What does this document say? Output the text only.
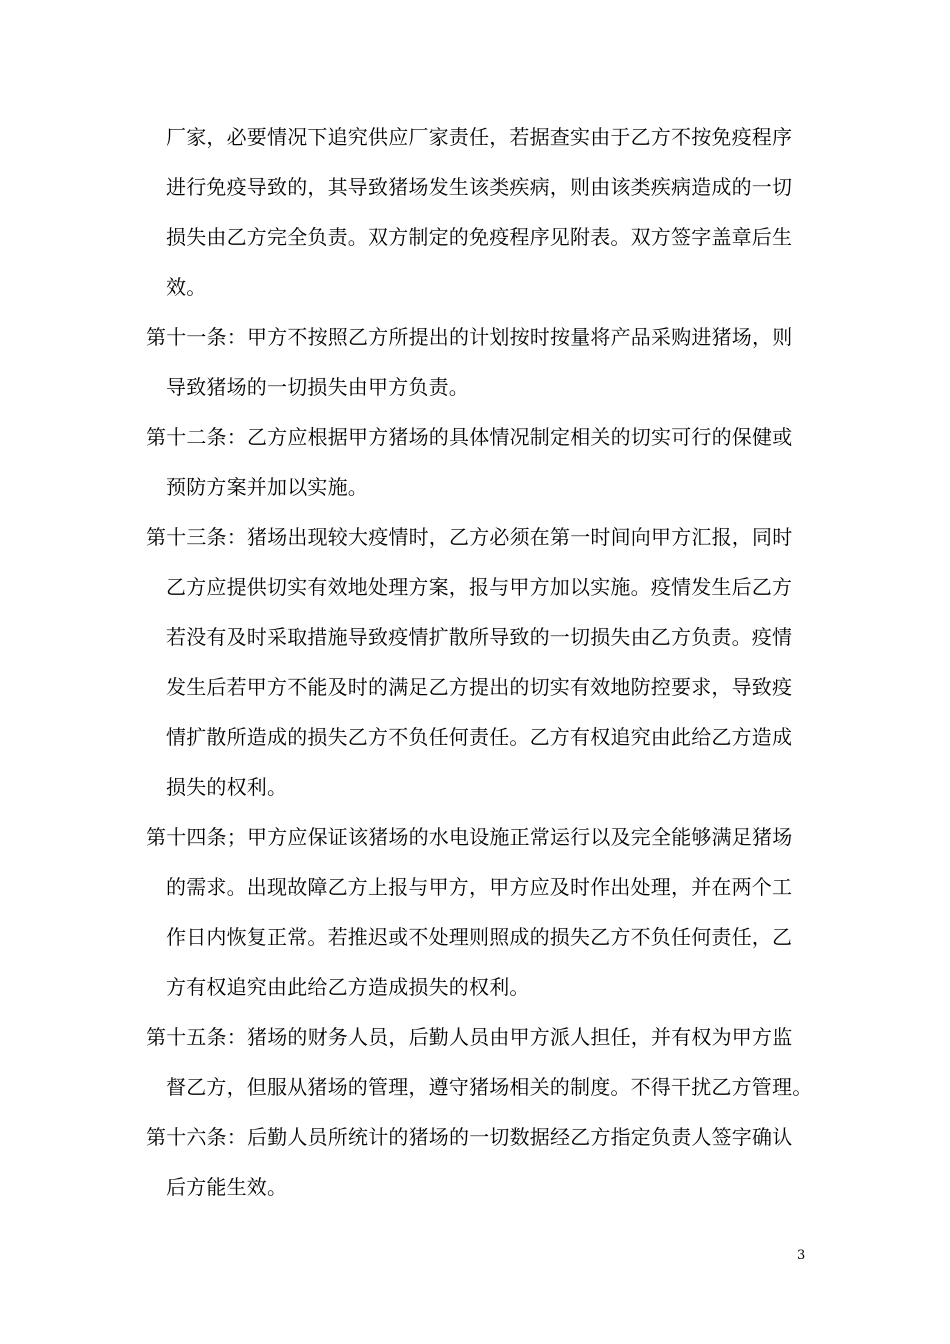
厂家，必要情况下追究供应厂家责任，若据查实由于乙方不按免疫程序
进行免疫导致的，其导致猪场发生该类疾病，则由该类疾病造成的一切
损失由乙方完全负责。双方制定的免疫程序见附表。双方签字盖章后生
效。
第十一条：甲方不按照乙方所提出的计划按时按量将产品采购进猪场，则
导致猪场的一切损失由甲方负责。
第十二条：乙方应根据甲方猪场的具体情况制定相关的切实可行的保健或
预防方案并加以实施。
第十三条：猪场出现较大疫情时，乙方必须在第一时间向甲方汇报，同时
乙方应提供切实有效地处理方案，报与甲方加以实施。疫情发生后乙方
若没有及时采取措施导致疫情扩散所导致的一切损失由乙方负责。疫情
发生后若甲方不能及时的满足乙方提出的切实有效地防控要求，导致疫
情扩散所造成的损失乙方不负任何责任。乙方有权追究由此给乙方造成
损失的权利。
第十四条；甲方应保证该猪场的水电设施正常运行以及完全能够满足猪场
的需求。出现故障乙方上报与甲方，甲方应及时作出处理，并在两个工
作日内恢复正常。若推迟或不处理则照成的损失乙方不负任何责任，乙
方有权追究由此给乙方造成损失的权利。
第十五条：猪场的财务人员，后勤人员由甲方派人担任，并有权为甲方监
督乙方，但服从猪场的管理，遵守猪场相关的制度。不得干扰乙方管理。
第十六条：后勤人员所统计的猪场的一切数据经乙方指定负责人签字确认
后方能生效。
3
